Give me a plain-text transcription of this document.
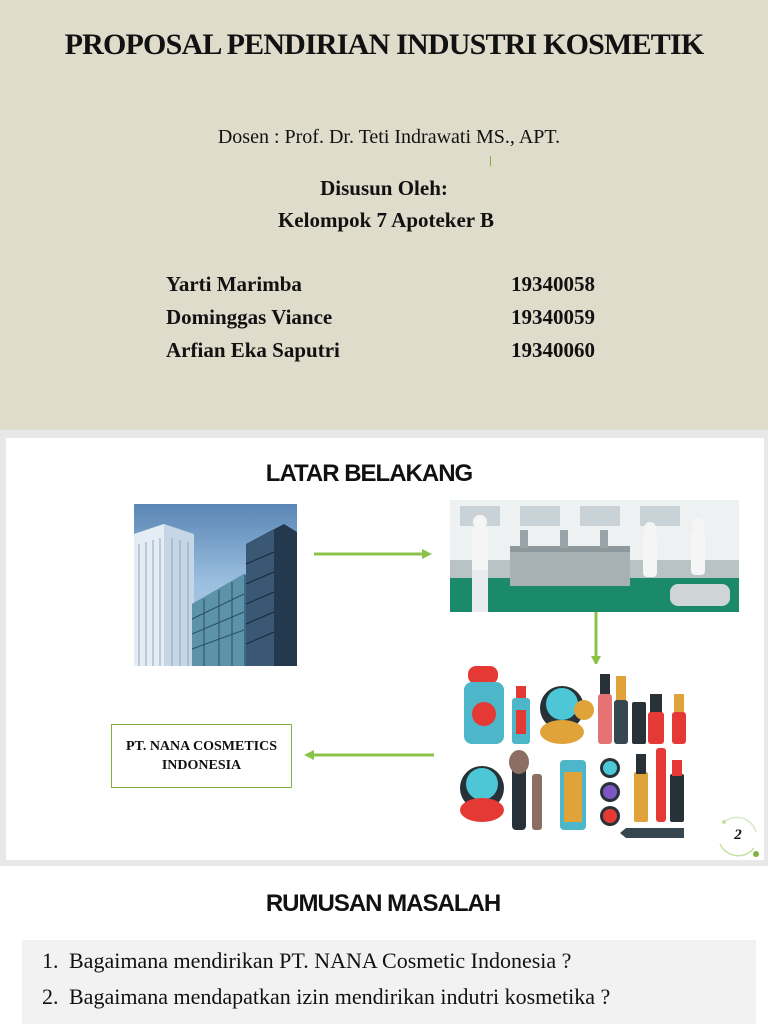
PROPOSAL PENDIRIAN INDUSTRI KOSMETIK
Dosen : Prof. Dr. Teti Indrawati MS., APT.
Disusun Oleh:
Kelompok 7 Apoteker B
Yarti Marimba	19340058
Dominggas Viance	19340059
Arfian Eka Saputri	19340060
LATAR BELAKANG
PT. NANA COSMETICS
INDONESIA
2
RUMUSAN MASALAH
1. Bagaimana mendirikan PT. NANA Cosmetic Indonesia ?
2. Bagaimana mendapatkan izin mendirikan indutri kosmetika ?
